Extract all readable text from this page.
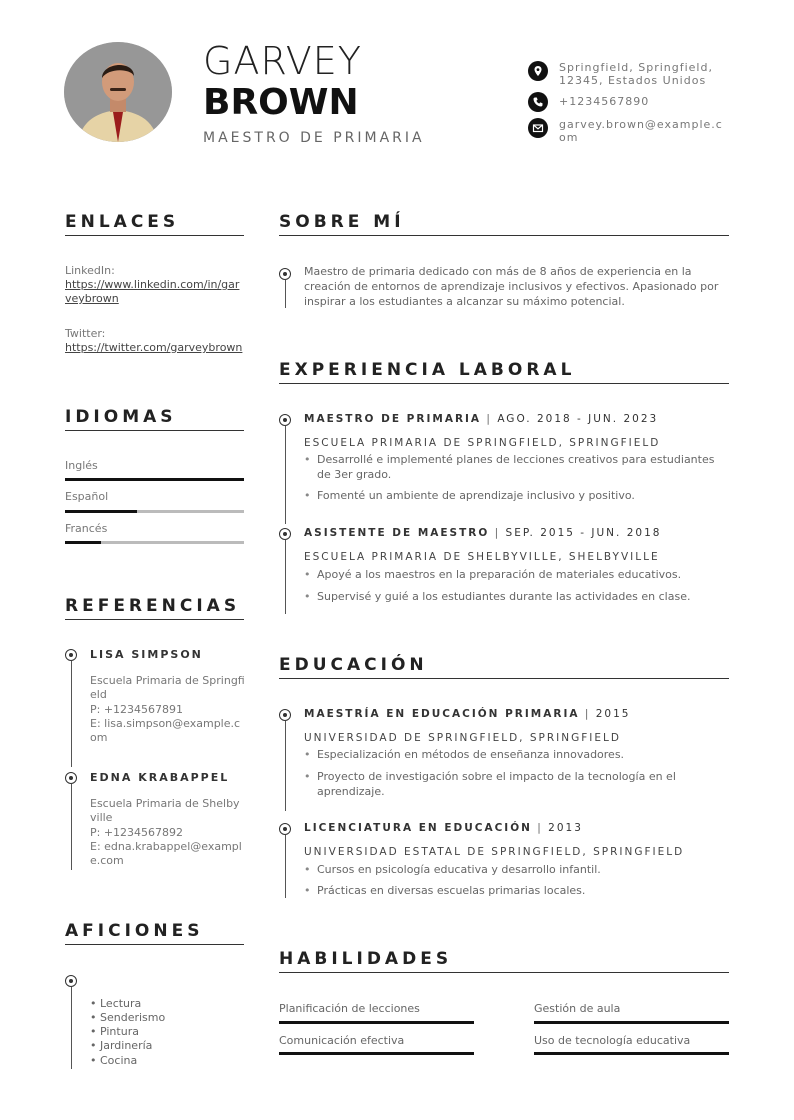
GARVEY
BROWN
MAESTRO DE PRIMARIA
Springfield, Springfield, 12345, Estados Unidos
+1234567890
garvey.brown@example.com
ENLACES
LinkedIn:
https://www.linkedin.com/in/garveybrown
Twitter:
https://twitter.com/garveybrown
IDIOMAS
Inglés
Español
Francés
REFERENCIAS
LISA SIMPSON
Escuela Primaria de Springfield
P: +1234567891
E: lisa.simpson@example.com
EDNA KRABAPPEL
Escuela Primaria de Shelbyville
P: +1234567892
E: edna.krabappel@example.com
AFICIONES
• Lectura
• Senderismo
• Pintura
• Jardinería
• Cocina
SOBRE MÍ
Maestro de primaria dedicado con más de 8 años de experiencia en la creación de entornos de aprendizaje inclusivos y efectivos. Apasionado por inspirar a los estudiantes a alcanzar su máximo potencial.
EXPERIENCIA LABORAL
MAESTRO DE PRIMARIA | AGO. 2018 - JUN. 2023
ESCUELA PRIMARIA DE SPRINGFIELD, SPRINGFIELD
• Desarrollé e implementé planes de lecciones creativos para estudiantes de 3er grado.
• Fomenté un ambiente de aprendizaje inclusivo y positivo.
ASISTENTE DE MAESTRO | SEP. 2015 - JUN. 2018
ESCUELA PRIMARIA DE SHELBYVILLE, SHELBYVILLE
• Apoyé a los maestros en la preparación de materiales educativos.
• Supervisé y guié a los estudiantes durante las actividades en clase.
EDUCACIÓN
MAESTRÍA EN EDUCACIÓN PRIMARIA | 2015
UNIVERSIDAD DE SPRINGFIELD, SPRINGFIELD
• Especialización en métodos de enseñanza innovadores.
• Proyecto de investigación sobre el impacto de la tecnología en el aprendizaje.
LICENCIATURA EN EDUCACIÓN | 2013
UNIVERSIDAD ESTATAL DE SPRINGFIELD, SPRINGFIELD
• Cursos en psicología educativa y desarrollo infantil.
• Prácticas en diversas escuelas primarias locales.
HABILIDADES
Planificación de lecciones	Gestión de aula
Comunicación efectiva	Uso de tecnología educativa
